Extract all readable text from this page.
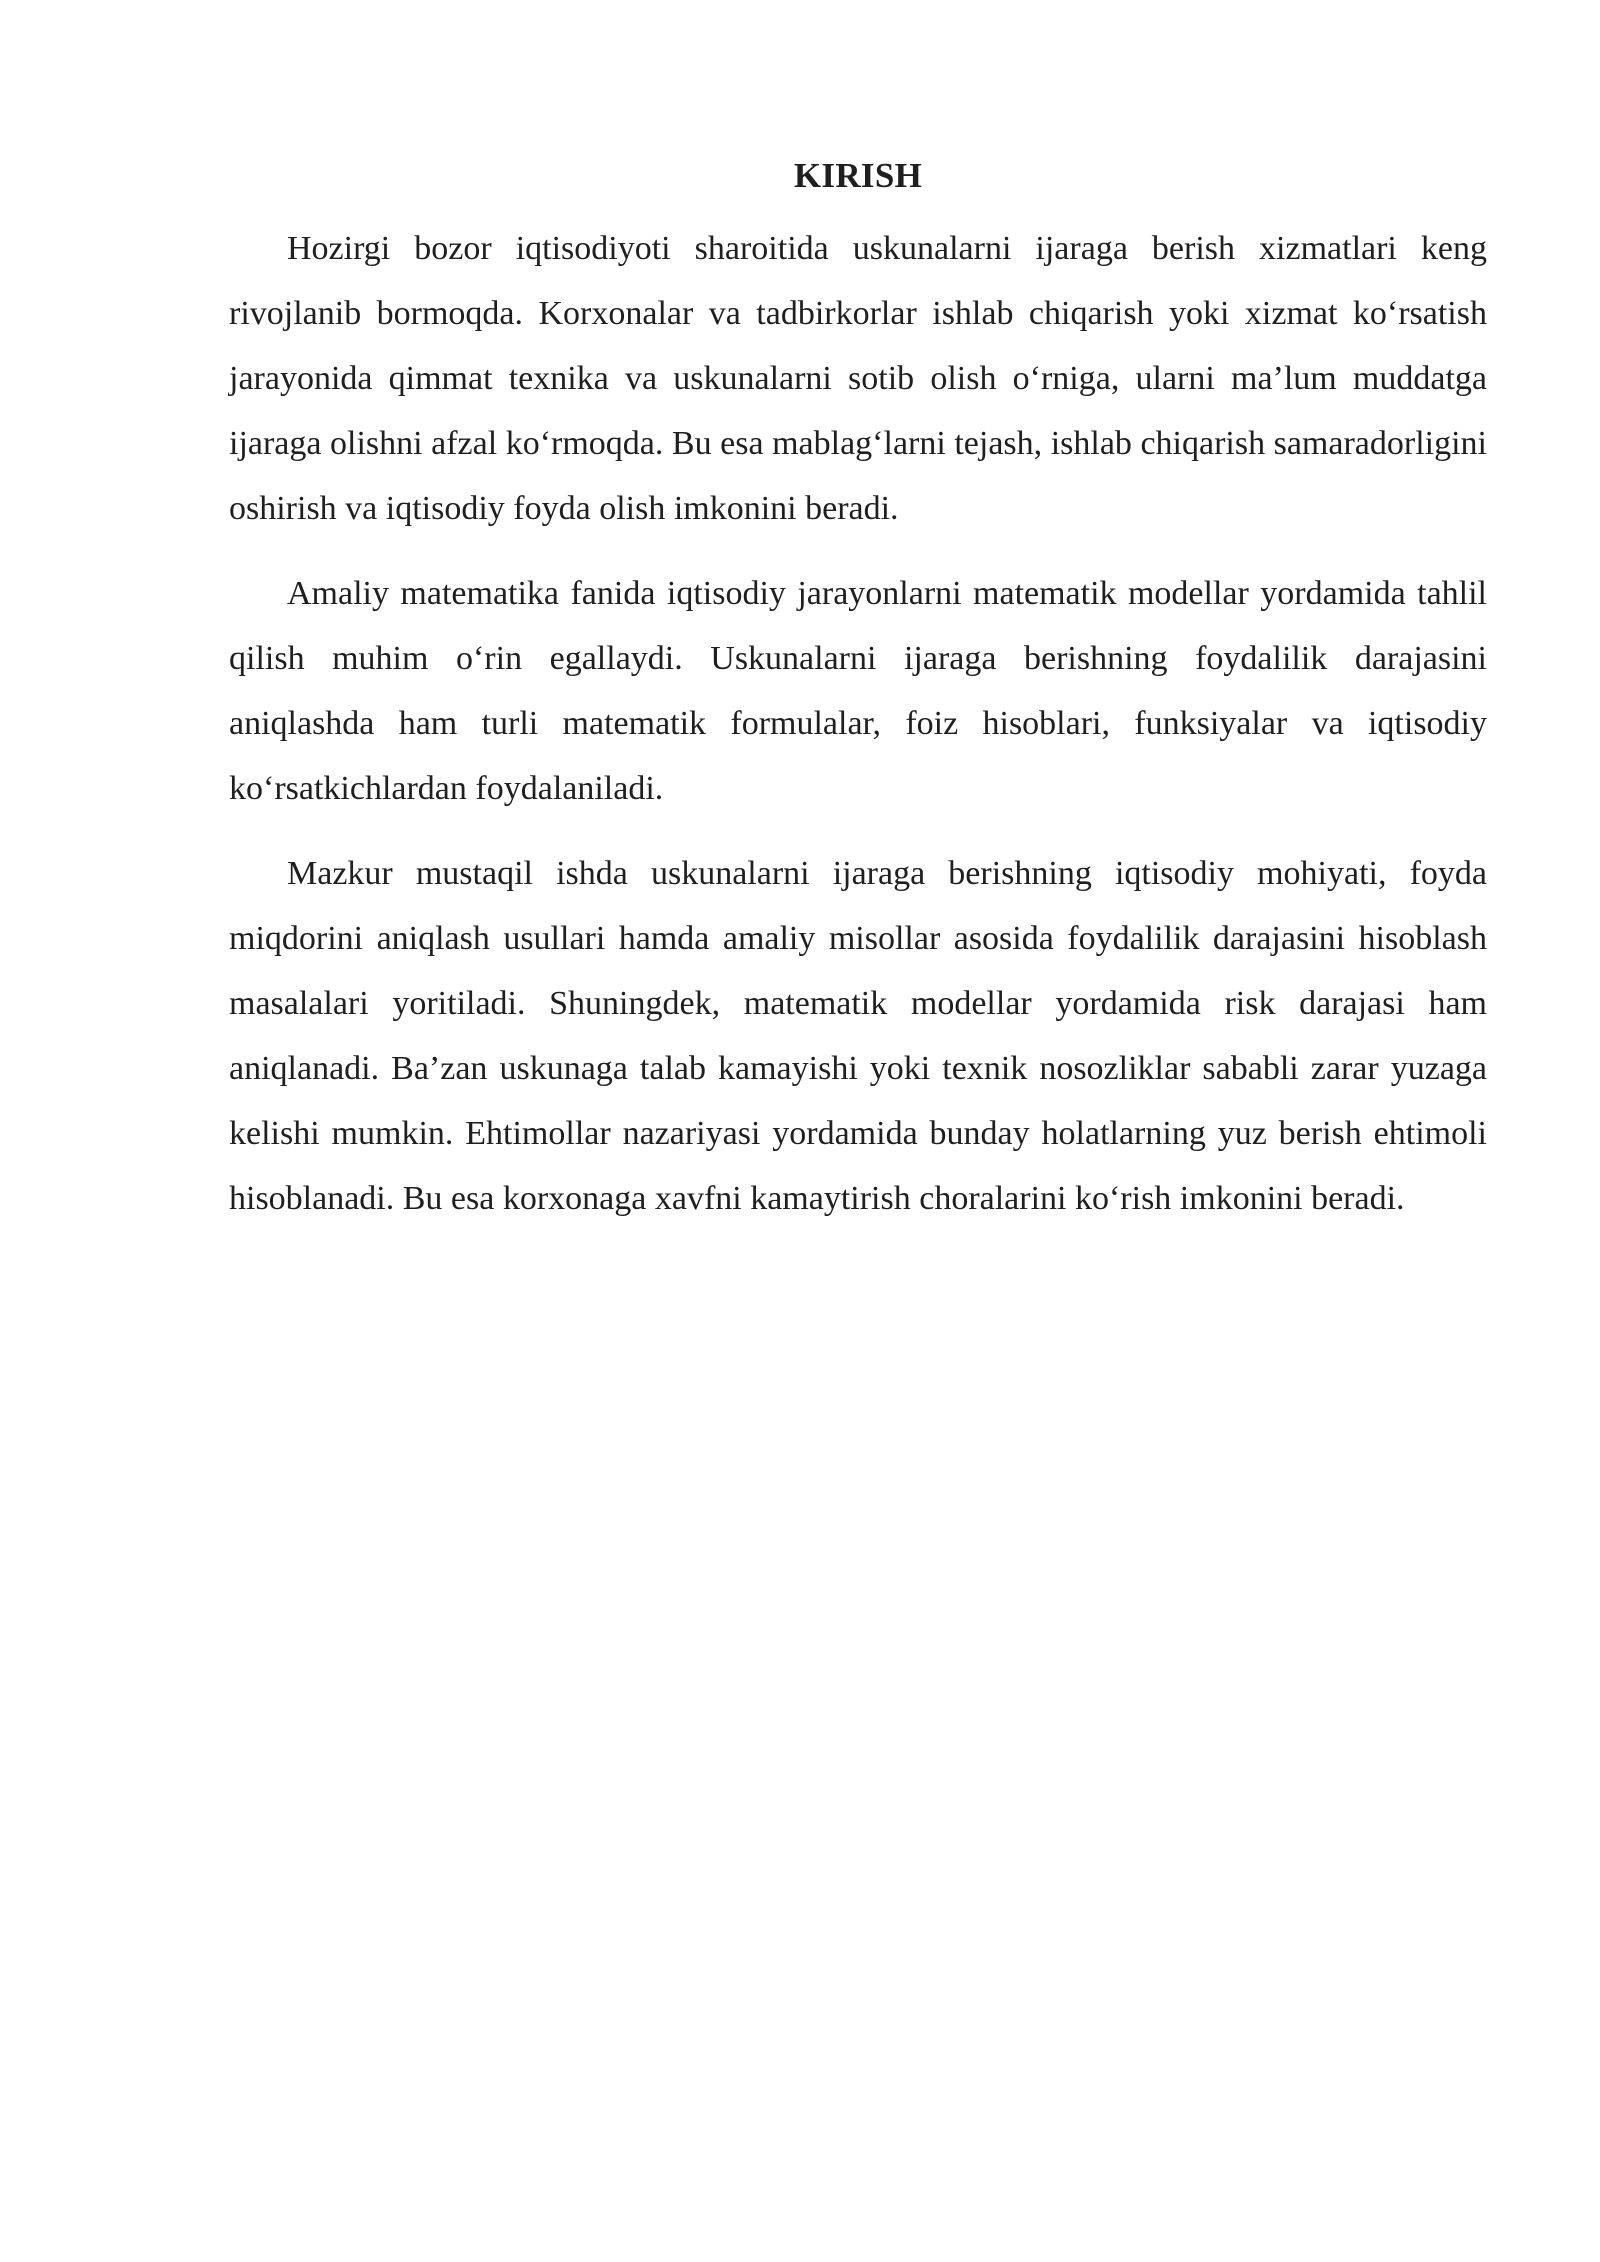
KIRISH

Hozirgi bozor iqtisodiyoti sharoitida uskunalarni ijaraga berish xizmatlari keng rivojlanib bormoqda. Korxonalar va tadbirkorlar ishlab chiqarish yoki xizmat ko‘rsatish jarayonida qimmat texnika va uskunalarni sotib olish o‘rniga, ularni ma’lum muddatga ijaraga olishni afzal ko‘rmoqda. Bu esa mablag‘larni tejash, ishlab chiqarish samaradorligini oshirish va iqtisodiy foyda olish imkonini beradi.

Amaliy matematika fanida iqtisodiy jarayonlarni matematik modellar yordamida tahlil qilish muhim o‘rin egallaydi. Uskunalarni ijaraga berishning foydalilik darajasini aniqlashda ham turli matematik formulalar, foiz hisoblari, funksiyalar va iqtisodiy ko‘rsatkichlardan foydalaniladi.

Mazkur mustaqil ishda uskunalarni ijaraga berishning iqtisodiy mohiyati, foyda miqdorini aniqlash usullari hamda amaliy misollar asosida foydalilik darajasini hisoblash masalalari yoritiladi. Shuningdek, matematik modellar yordamida risk darajasi ham aniqlanadi. Ba’zan uskunaga talab kamayishi yoki texnik nosozliklar sababli zarar yuzaga kelishi mumkin. Ehtimollar nazariyasi yordamida bunday holatlarning yuz berish ehtimoli hisoblanadi. Bu esa korxonaga xavfni kamaytirish choralarini ko‘rish imkonini beradi.
